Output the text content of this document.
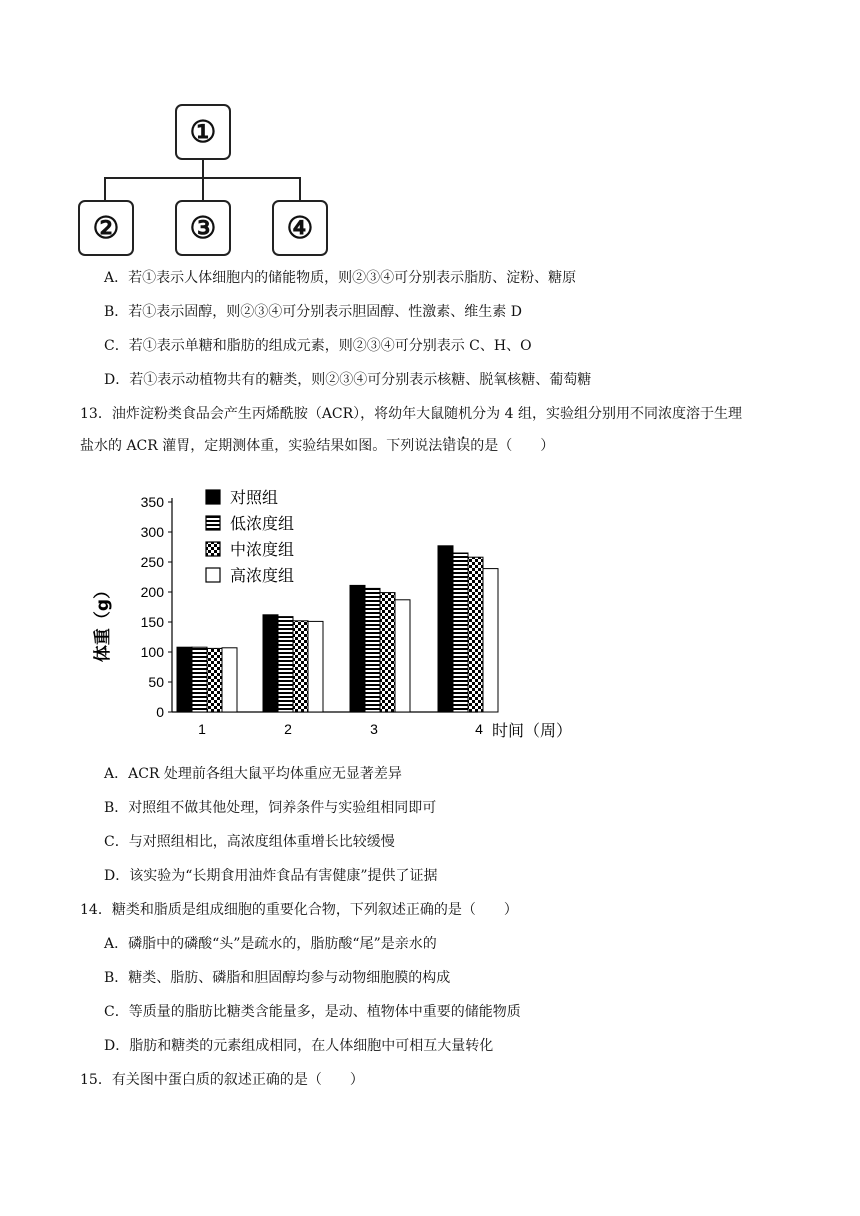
①
②	③	④
A．若①表示人体细胞内的储能物质，则②③④可分别表示脂肪、淀粉、糖原
B．若①表示固醇，则②③④可分别表示胆固醇、性激素、维生素 D
C．若①表示单糖和脂肪的组成元素，则②③④可分别表示 C、H、O
D．若①表示动植物共有的糖类，则②③④可分别表示核糖、脱氧核糖、葡萄糖
13．油炸淀粉类食品会产生丙烯酰胺（ACR），将幼年大鼠随机分为 4 组，实验组分别用不同浓度溶于生理
盐水的 ACR 灌胃，定期测体重，实验结果如图。下列说法错误的是（　　）
0
50
100
150
200
250
300
350
体重（g）
1	2	3	4 时间（周）
对照组
低浓度组
中浓度组
高浓度组
A．ACR 处理前各组大鼠平均体重应无显著差异
B．对照组不做其他处理，饲养条件与实验组相同即可
C．与对照组相比，高浓度组体重增长比较缓慢
D．该实验为“长期食用油炸食品有害健康”提供了证据
14．糖类和脂质是组成细胞的重要化合物，下列叙述正确的是（　　）
A．磷脂中的磷酸“头”是疏水的，脂肪酸“尾”是亲水的
B．糖类、脂肪、磷脂和胆固醇均参与动物细胞膜的构成
C．等质量的脂肪比糖类含能量多，是动、植物体中重要的储能物质
D．脂肪和糖类的元素组成相同，在人体细胞中可相互大量转化
15．有关图中蛋白质的叙述正确的是（　　）
